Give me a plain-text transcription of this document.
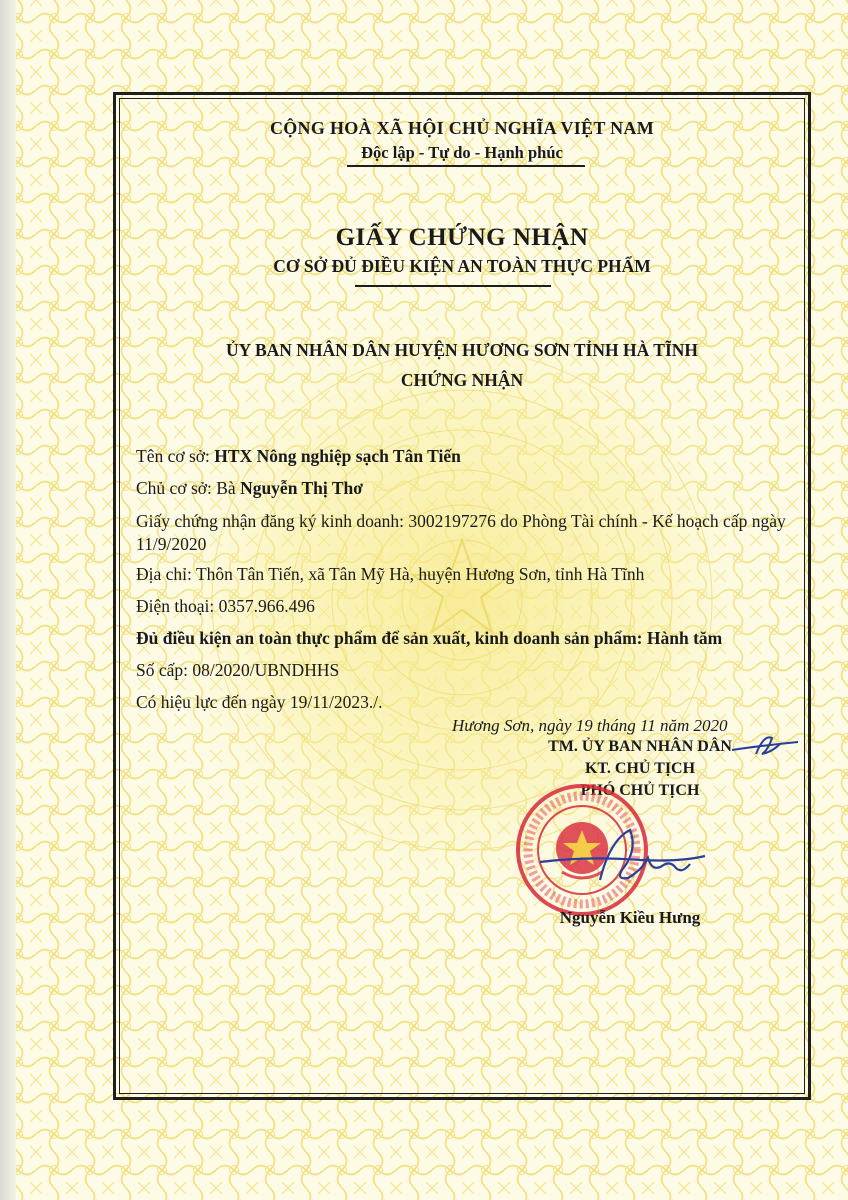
CỘNG HOÀ XÃ HỘI CHỦ NGHĨA VIỆT NAM
Độc lập - Tự do - Hạnh phúc
GIẤY CHỨNG NHẬN
CƠ SỞ ĐỦ ĐIỀU KIỆN AN TOÀN THỰC PHẨM
ỦY BAN NHÂN DÂN HUYỆN HƯƠNG SƠN TỈNH HÀ TĨNH
CHỨNG NHẬN
Tên cơ sở: HTX Nông nghiệp sạch Tân Tiến
Chủ cơ sở: Bà Nguyễn Thị Thơ
Giấy chứng nhận đăng ký kinh doanh: 3002197276 do Phòng Tài chính - Kế hoạch cấp ngày 11/9/2020
Địa chỉ: Thôn Tân Tiến, xã Tân Mỹ Hà, huyện Hương Sơn, tỉnh Hà Tĩnh
Điện thoại: 0357.966.496
Đủ điều kiện an toàn thực phẩm để sản xuất, kinh doanh sản phẩm: Hành tăm
Số cấp: 08/2020/UBNDHHS
Có hiệu lực đến ngày 19/11/2023./.
Hương Sơn, ngày 19 tháng 11 năm 2020
TM. ỦY BAN NHÂN DÂN
KT. CHỦ TỊCH
PHÓ CHỦ TỊCH
Nguyễn Kiều Hưng
